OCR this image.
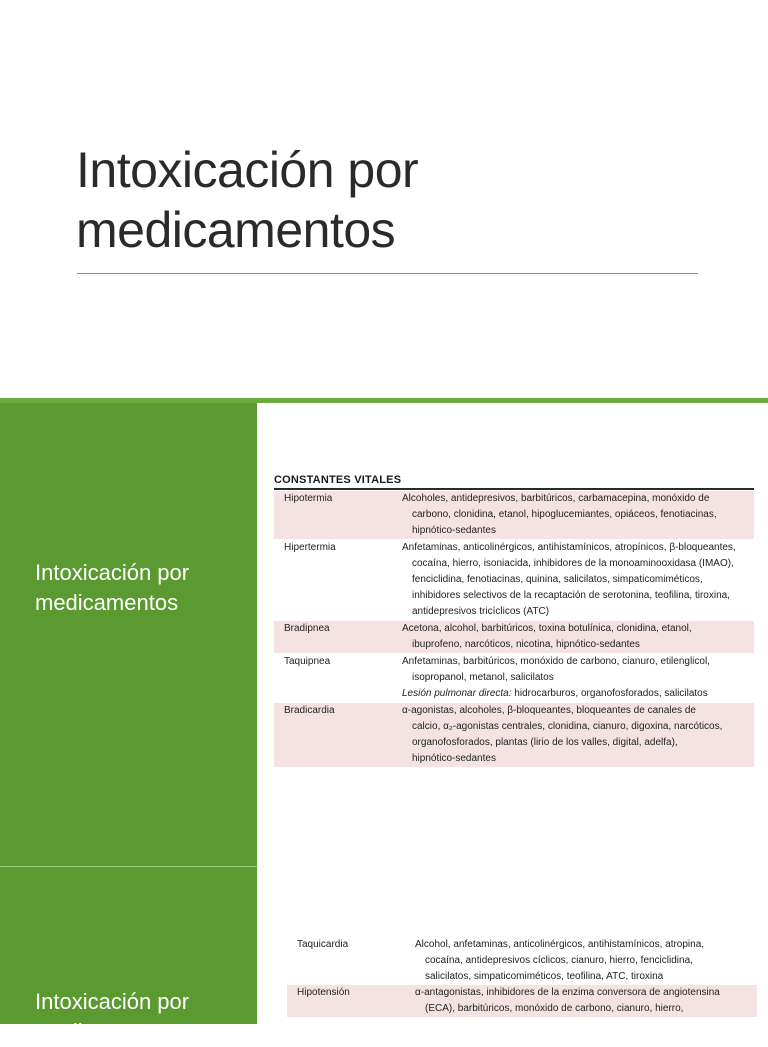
Intoxicación por
medicamentos
Intoxicación por
medicamentos
CONSTANTES VITALES
Hipotermia	Alcoholes, antidepresivos, barbitúricos, carbamacepina, monóxido de
carbono, clonidina, etanol, hipoglucemiantes, opiáceos, fenotiacinas,
hipnótico-sedantes

Hipertermia	Anfetaminas, anticolinérgicos, antihistamínicos, atropínicos, β-bloqueantes,
cocaína, hierro, isoniacida, inhibidores de la monoaminooxidasa (IMAO),
fenciclidina, fenotiacinas, quinina, salicilatos, simpaticomiméticos,
inhibidores selectivos de la recaptación de serotonina, teofilina, tiroxina,
antidepresivos tricíclicos (ATC)

Bradipnea	Acetona, alcohol, barbitúricos, toxina botulínica, clonidina, etanol,
ibuprofeno, narcóticos, nicotina, hipnótico-sedantes

Taquipnea	Anfetaminas, barbitúricos, monóxido de carbono, cianuro, etilenglicol,
isopropanol, metanol, salicilatos
Lesión pulmonar directa: hidrocarburos, organofosforados, salicilatos

Bradicardia	α-agonistas, alcoholes, β-bloqueantes, bloqueantes de canales de
calcio, α₂-agonistas centrales, clonidina, cianuro, digoxina, narcóticos,
organofosforados, plantas (lirio de los valles, digital, adelfa),
hipnótico-sedantes
Intoxicación por
medicamentos
Taquicardia	Alcohol, anfetaminas, anticolinérgicos, antihistamínicos, atropina,
cocaína, antidepresivos cíclicos, cianuro, hierro, fenciclidina,
salicilatos, simpaticomiméticos, teofilina, ATC, tiroxina

Hipotensión	α-antagonistas, inhibidores de la enzima conversora de angiotensina
(ECA), barbitúricos, monóxido de carbono, cianuro, hierro,
